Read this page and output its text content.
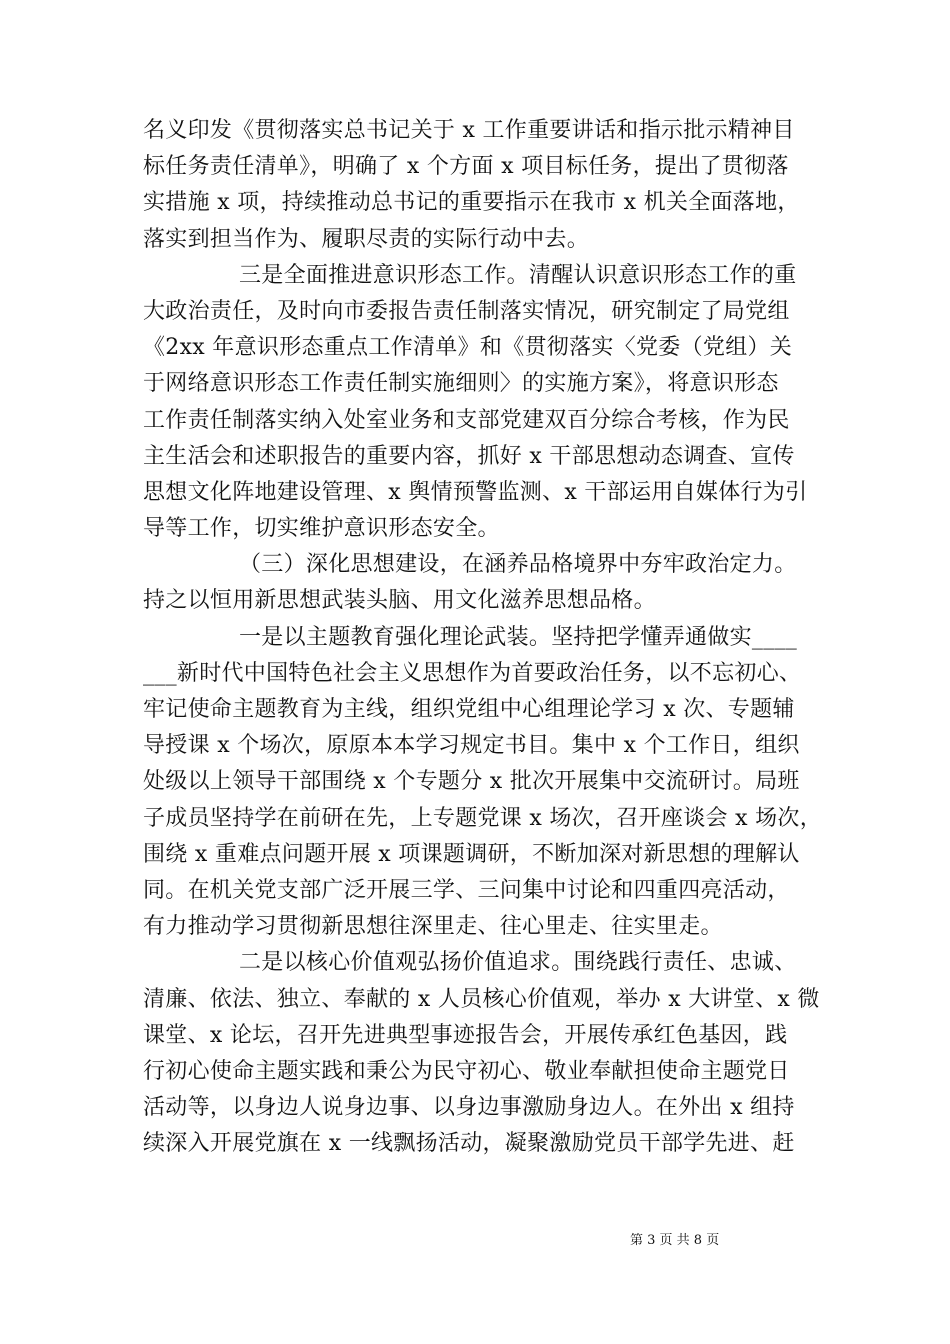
名义印发《贯彻落实总书记关于 x 工作重要讲话和指示批示精神目
标任务责任清单》，明确了 x 个方面 x 项目标任务，提出了贯彻落
实措施 x 项，持续推动总书记的重要指示在我市 x 机关全面落地，
落实到担当作为、履职尽责的实际行动中去。
三是全面推进意识形态工作。清醒认识意识形态工作的重
大政治责任，及时向市委报告责任制落实情况，研究制定了局党组
《2xx 年意识形态重点工作清单》和《贯彻落实〈党委（党组）关
于网络意识形态工作责任制实施细则〉的实施方案》，将意识形态
工作责任制落实纳入处室业务和支部党建双百分综合考核，作为民
主生活会和述职报告的重要内容，抓好 x 干部思想动态调查、宣传
思想文化阵地建设管理、x 舆情预警监测、x 干部运用自媒体行为引
导等工作，切实维护意识形态安全。
（三）深化思想建设，在涵养品格境界中夯牢政治定力。
持之以恒用新思想武装头脑、用文化滋养思想品格。
一是以主题教育强化理论武装。坚持把学懂弄通做实____
___新时代中国特色社会主义思想作为首要政治任务，以不忘初心、
牢记使命主题教育为主线，组织党组中心组理论学习 x 次、专题辅
导授课 x 个场次，原原本本学习规定书目。集中 x 个工作日，组织
处级以上领导干部围绕 x 个专题分 x 批次开展集中交流研讨。局班
子成员坚持学在前研在先，上专题党课 x 场次，召开座谈会 x 场次，
围绕 x 重难点问题开展 x 项课题调研，不断加深对新思想的理解认
同。在机关党支部广泛开展三学、三问集中讨论和四重四亮活动，
有力推动学习贯彻新思想往深里走、往心里走、往实里走。
二是以核心价值观弘扬价值追求。围绕践行责任、忠诚、
清廉、依法、独立、奉献的 x 人员核心价值观，举办 x 大讲堂、x 微
课堂、x 论坛，召开先进典型事迹报告会，开展传承红色基因，践
行初心使命主题实践和秉公为民守初心、敬业奉献担使命主题党日
活动等，以身边人说身边事、以身边事激励身边人。在外出 x 组持
续深入开展党旗在 x 一线飘扬活动，凝聚激励党员干部学先进、赶
第 3 页 共 8 页
